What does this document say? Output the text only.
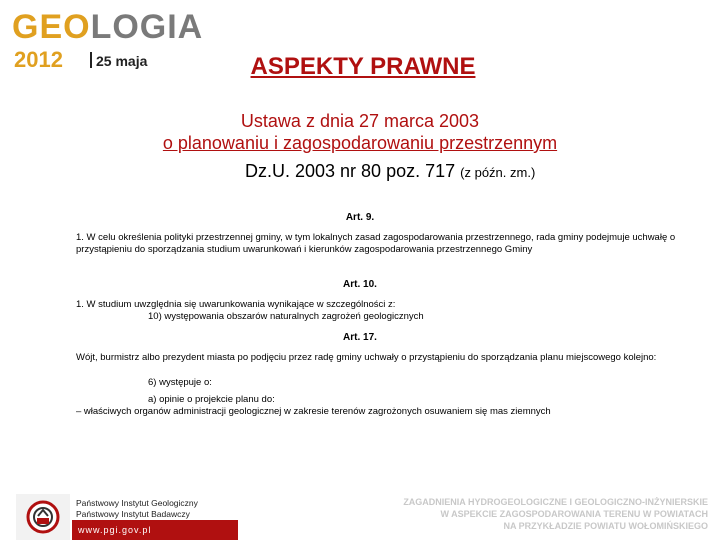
GEOLOGIA
2012	25 maja	ASPEKTY PRAWNE
Ustawa z dnia 27 marca 2003
o planowaniu i zagospodarowaniu przestrzennym
Dz.U. 2003 nr 80 poz. 717 (z późn. zm.)
Art. 9.
1. W celu określenia polityki przestrzennej gminy, w tym lokalnych zasad zagospodarowania przestrzennego, rada gminy podejmuje uchwałę o przystąpieniu do sporządzania studium uwarunkowań i kierunków zagospodarowania przestrzennego Gminy
Art. 10.
1. W studium uwzględnia się uwarunkowania wynikające w szczególności z:
10) występowania obszarów naturalnych zagrożeń geologicznych
Art. 17.
Wójt, burmistrz albo prezydent miasta po podjęciu przez radę gminy uchwały o przystąpieniu do sporządzania planu miejscowego kolejno:
6) występuje o:
a) opinie o projekcie planu do:
– właściwych organów administracji geologicznej w zakresie terenów zagrożonych osuwaniem się mas ziemnych
Państwowy Instytut Geologiczny
Państwowy Instytut Badawczy
www.pgi.gov.pl
ZAGADNIENIA HYDROGEOLOGICZNE I GEOLOGICZNO-INŻYNIERSKIE
W ASPEKCIE ZAGOSPODAROWANIA TERENU W POWIATACH
NA PRZYKŁADZIE POWIATU WOŁOMIŃSKIEGO
